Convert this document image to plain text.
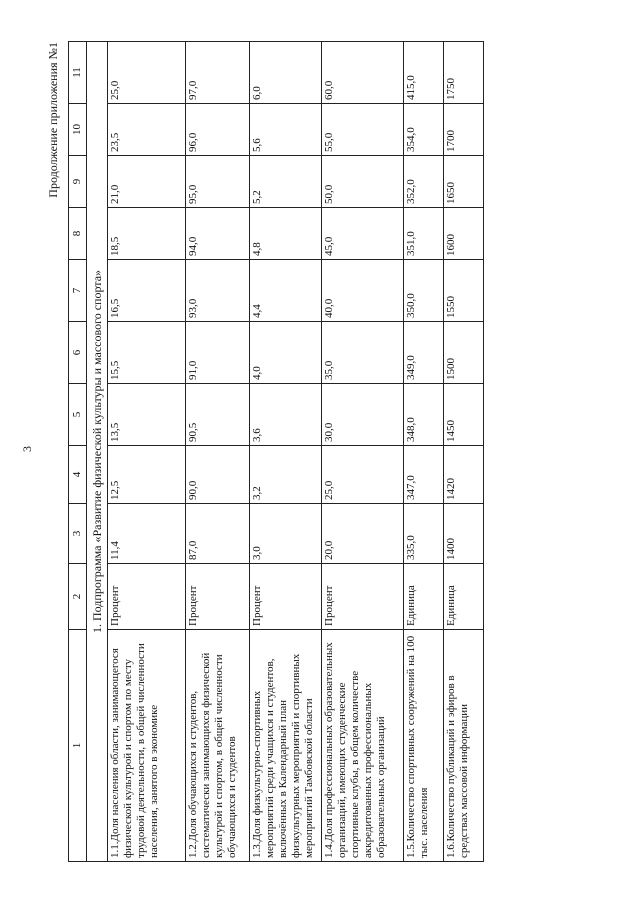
3
Продолжение приложения №1
1	2	3	4	5	6	7	8	9	10	11
1. Подпрограмма «Развитие физической культуры и массового спорта»										
1.1.Доля населения области, занимающегося физической культурой и спортом по месту трудовой деятельности, в общей численности населения, занятого в экономике	Процент	11,4	12,5	13,5	15,5	16,5	18,5	21,0	23,5	25,0
1.2.Доля обучающихся и студентов, систематически занимающихся физической культурой и спортом, в общей численности обучающихся и студентов	Процент	87,0	90,0	90,5	91,0	93,0	94,0	95,0	96,0	97,0
1.3.Доля физкультурно-спортивных мероприятий среди учащихся и студентов, включённых в Календарный план физкультурных мероприятий и спортивных мероприятий Тамбовской области	Процент	3,0	3,2	3,6	4,0	4,4	4,8	5,2	5,6	6,0
1.4.Доля профессиональных образовательных организаций, имеющих студенческие спортивные клубы, в общем количестве аккредитованных профессиональных образовательных организаций	Процент	20,0	25,0	30,0	35,0	40,0	45,0	50,0	55,0	60,0
1.5.Количество спортивных сооружений на 100 тыс. населения	Единица	335,0	347,0	348,0	349,0	350,0	351,0	352,0	354,0	415,0
1.6.Количество публикаций и эфиров в средствах массовой информации	Единица	1400	1420	1450	1500	1550	1600	1650	1700	1750
